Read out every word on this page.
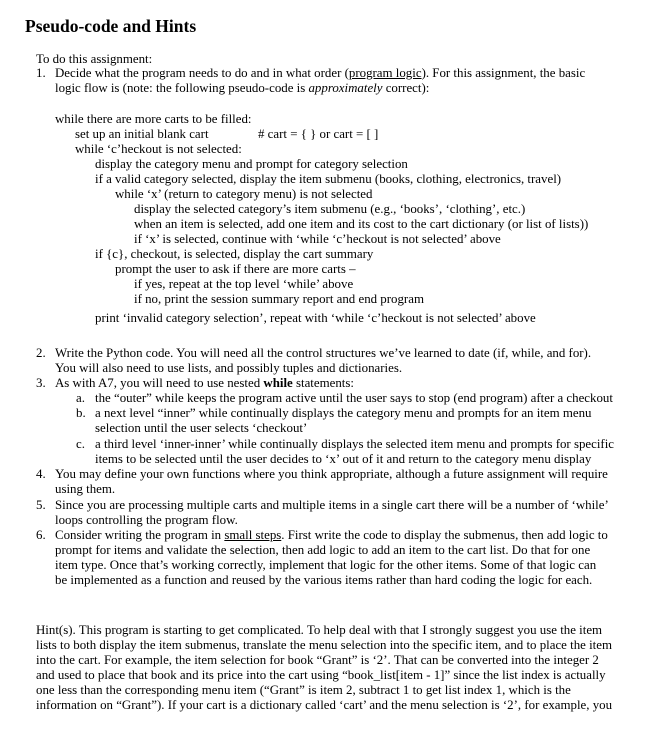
Pseudo-code and Hints
To do this assignment:
1. Decide what the program needs to do and in what order (program logic). For this assignment, the basic
logic flow is (note: the following pseudo-code is approximately correct):
while there are more carts to be filled:
set up an initial blank cart	# cart = { } or cart = [ ]
while ‘c’heckout is not selected:
display the category menu and prompt for category selection
if a valid category selected, display the item submenu (books, clothing, electronics, travel)
while ‘x’ (return to category menu) is not selected
display the selected category’s item submenu (e.g., ‘books’, ‘clothing’, etc.)
when an item is selected, add one item and its cost to the cart dictionary (or list of lists))
if ‘x’ is selected, continue with ‘while ‘c’heckout is not selected’ above
if {c}, checkout, is selected, display the cart summary
prompt the user to ask if there are more carts –
if yes, repeat at the top level ‘while’ above
if no, print the session summary report and end program
print ‘invalid category selection’, repeat with ‘while ‘c’heckout is not selected’ above
2. Write the Python code. You will need all the control structures we’ve learned to date (if, while, and for).
You will also need to use lists, and possibly tuples and dictionaries.
3. As with A7, you will need to use nested while statements:
a. the “outer” while keeps the program active until the user says to stop (end program) after a checkout
b. a next level “inner” while continually displays the category menu and prompts for an item menu
selection until the user selects ‘checkout’
c. a third level ‘inner-inner’ while continually displays the selected item menu and prompts for specific
items to be selected until the user decides to ‘x’ out of it and return to the category menu display
4. You may define your own functions where you think appropriate, although a future assignment will require
using them.
5. Since you are processing multiple carts and multiple items in a single cart there will be a number of ‘while’
loops controlling the program flow.
6. Consider writing the program in small steps. First write the code to display the submenus, then add logic to
prompt for items and validate the selection, then add logic to add an item to the cart list. Do that for one
item type. Once that’s working correctly, implement that logic for the other items. Some of that logic can
be implemented as a function and reused by the various items rather than hard coding the logic for each.
Hint(s). This program is starting to get complicated. To help deal with that I strongly suggest you use the item
lists to both display the item submenus, translate the menu selection into the specific item, and to place the item
into the cart. For example, the item selection for book “Grant” is ‘2’. That can be converted into the integer 2
and used to place that book and its price into the cart using “book_list[item - 1]” since the list index is actually
one less than the corresponding menu item (“Grant” is item 2, subtract 1 to get list index 1, which is the
information on “Grant”). If your cart is a dictionary called ‘cart’ and the menu selection is ‘2’, for example, you
